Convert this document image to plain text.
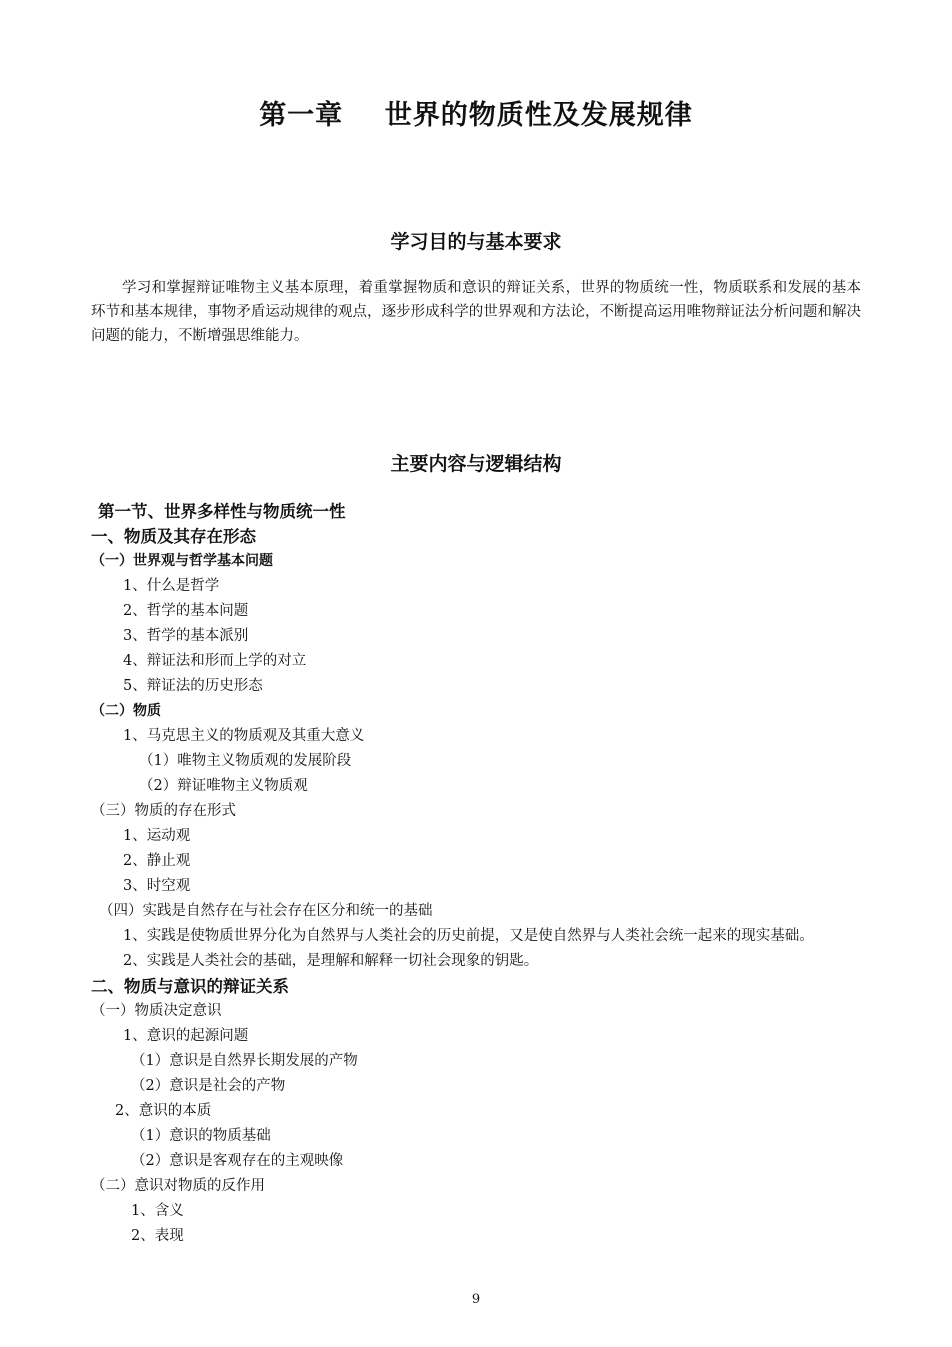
第一章    世界的物质性及发展规律
学习目的与基本要求
学习和掌握辩证唯物主义基本原理，着重掌握物质和意识的辩证关系，世界的物质统一性，物质联系和发展的基本环节和基本规律，事物矛盾运动规律的观点，逐步形成科学的世界观和方法论，不断提高运用唯物辩证法分析问题和解决问题的能力，不断增强思维能力。
主要内容与逻辑结构
第一节、世界多样性与物质统一性
一、物质及其存在形态
（一）世界观与哲学基本问题
1、什么是哲学
2、哲学的基本问题
3、哲学的基本派别
4、辩证法和形而上学的对立
5、辩证法的历史形态
（二）物质
1、马克思主义的物质观及其重大意义
（1）唯物主义物质观的发展阶段
（2）辩证唯物主义物质观
（三）物质的存在形式
1、运动观
2、静止观
3、时空观
（四）实践是自然存在与社会存在区分和统一的基础
1、实践是使物质世界分化为自然界与人类社会的历史前提，又是使自然界与人类社会统一起来的现实基础。
2、实践是人类社会的基础，是理解和解释一切社会现象的钥匙。
二、物质与意识的辩证关系
（一）物质决定意识
1、意识的起源问题
（1）意识是自然界长期发展的产物
（2）意识是社会的产物
2、意识的本质
（1）意识的物质基础
（2）意识是客观存在的主观映像
（二）意识对物质的反作用
1、含义
2、表现
9
